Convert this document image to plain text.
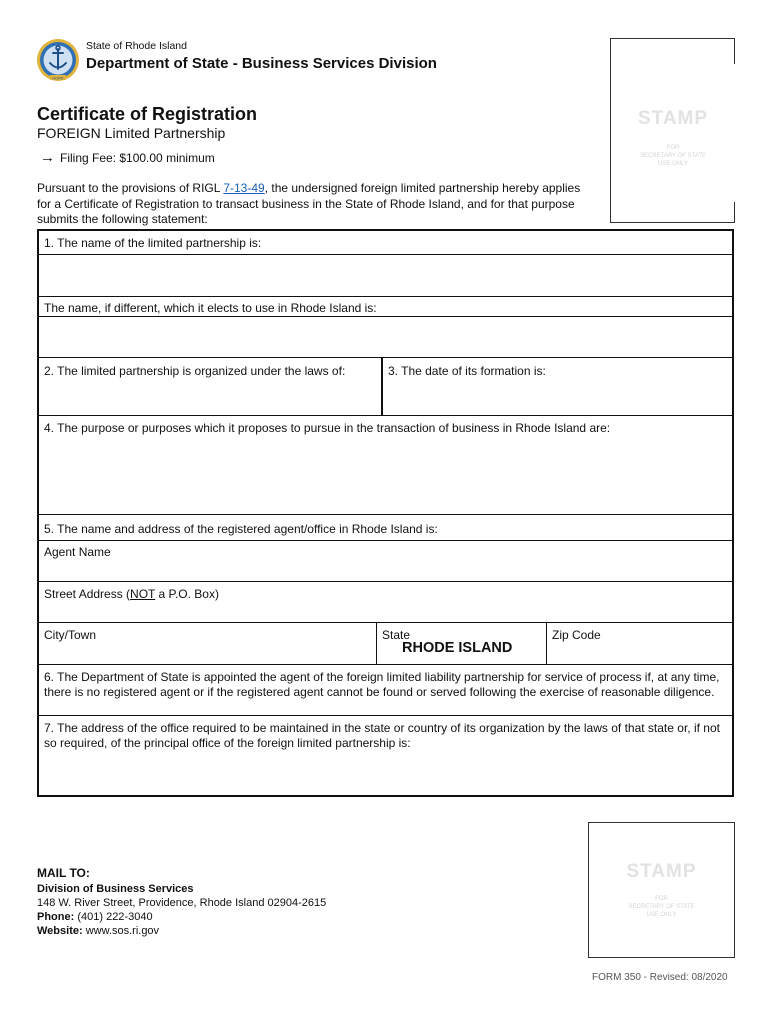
HOPE
State of Rhode Island
Department of State - Business Services Division
STAMP
FOR
SECRETARY OF STATE
USE ONLY
Certificate of Registration
FOREIGN Limited Partnership
→ Filing Fee: $100.00 minimum
Pursuant to the provisions of RIGL 7-13-49, the undersigned foreign limited partnership hereby applies for a Certificate of Registration to transact business in the State of Rhode Island, and for that purpose submits the following statement:
1. The name of the limited partnership is:
The name, if different, which it elects to use in Rhode Island is:
2. The limited partnership is organized under the laws of:	3. The date of its formation is:
4. The purpose or purposes which it proposes to pursue in the transaction of business in Rhode Island are:
5. The name and address of the registered agent/office in Rhode Island is:
Agent Name
Street Address (NOT a P.O. Box)
City/Town	State
RHODE ISLAND
Zip Code
6. The Department of State is appointed the agent of the foreign limited liability partnership for service of process if, at any time, there is no registered agent or if the registered agent cannot be found or served following the exercise of reasonable diligence.
7. The address of the office required to be maintained in the state or country of its organization by the laws of that state or, if not so required, of the principal office of the foreign limited partnership is:
STAMP
FOR
SECRETARY OF STATE
USE ONLY
MAIL TO:
Division of Business Services
148 W. River Street, Providence, Rhode Island 02904-2615
Phone: (401) 222-3040
Website: www.sos.ri.gov
FORM 350 - Revised: 08/2020
